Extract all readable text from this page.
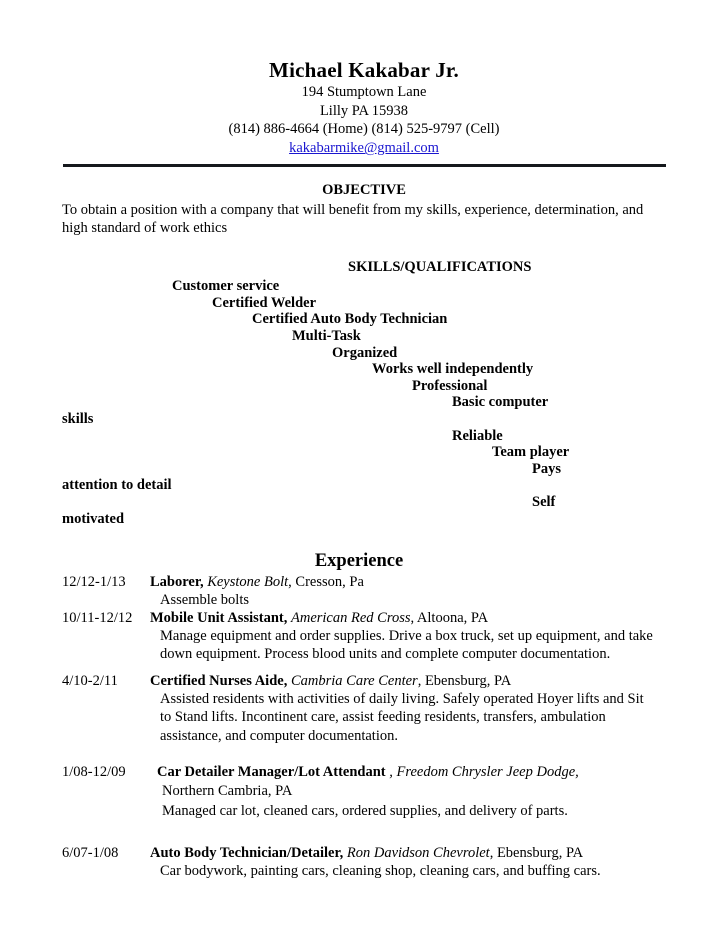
Michael Kakabar Jr.
194 Stumptown Lane
Lilly PA 15938
(814) 886-4664 (Home) (814) 525-9797 (Cell)
kakabarmike@gmail.com
OBJECTIVE
To obtain a position with a company that will benefit from my skills, experience, determination, and high standard of work ethics
SKILLS/QUALIFICATIONS
Customer service
Certified Welder
Certified Auto Body Technician
Multi-Task
Organized
Works well independently
Professional
Basic computer
skills
Reliable
Team player
Pays
attention to detail
Self
motivated
Experience
12/12-1/13 Laborer, Keystone Bolt, Cresson, Pa
Assemble bolts
10/11-12/12 Mobile Unit Assistant, American Red Cross, Altoona, PA
Manage equipment and order supplies. Drive a box truck, set up equipment, and take down equipment. Process blood units and complete computer documentation.
4/10-2/11 Certified Nurses Aide, Cambria Care Center, Ebensburg, PA
Assisted residents with activities of daily living. Safely operated Hoyer lifts and Sit to Stand lifts. Incontinent care, assist feeding residents, transfers, ambulation assistance, and computer documentation.
1/08-12/09 Car Detailer Manager/Lot Attendant , Freedom Chrysler Jeep Dodge,
Northern Cambria, PA
Managed car lot, cleaned cars, ordered supplies, and delivery of parts.
6/07-1/08 Auto Body Technician/Detailer, Ron Davidson Chevrolet, Ebensburg, PA
Car bodywork, painting cars, cleaning shop, cleaning cars, and buffing cars.
